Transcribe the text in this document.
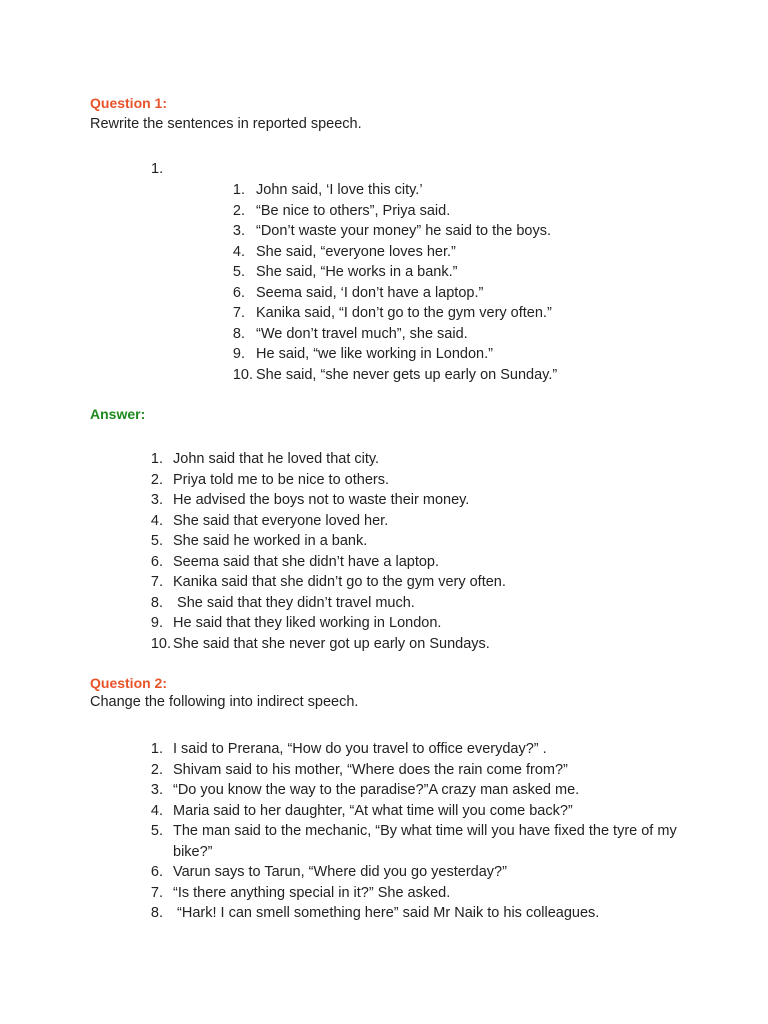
Question 1:
Rewrite the sentences in reported speech.
1.
1. John said, ‘I love this city.’
2. “Be nice to others”, Priya said.
3. “Don’t waste your money” he said to the boys.
4. She said, “everyone loves her.”
5. She said, “He works in a bank.”
6. Seema said, ‘I don’t have a laptop.”
7. Kanika said, “I don’t go to the gym very often.”
8. “We don’t travel much”, she said.
9. He said, “we like working in London.”
10. She said, “she never gets up early on Sunday.”
Answer:
1. John said that he loved that city.
2. Priya told me to be nice to others.
3. He advised the boys not to waste their money.
4. She said that everyone loved her.
5. She said he worked in a bank.
6. Seema said that she didn’t have a laptop.
7. Kanika said that she didn’t go to the gym very often.
8. She said that they didn’t travel much.
9. He said that they liked working in London.
10. She said that she never got up early on Sundays.
Question 2:
Change the following into indirect speech.
1. I said to Prerana, “How do you travel to office everyday?” .
2. Shivam said to his mother, “Where does the rain come from?”
3. “Do you know the way to the paradise?”A crazy man asked me.
4. Maria said to her daughter, “At what time will you come back?”
5. The man said to the mechanic, “By what time will you have fixed the tyre of my bike?”
6. Varun says to Tarun, “Where did you go yesterday?”
7. “Is there anything special in it?” She asked.
8. “Hark! I can smell something here” said Mr Naik to his colleagues.
